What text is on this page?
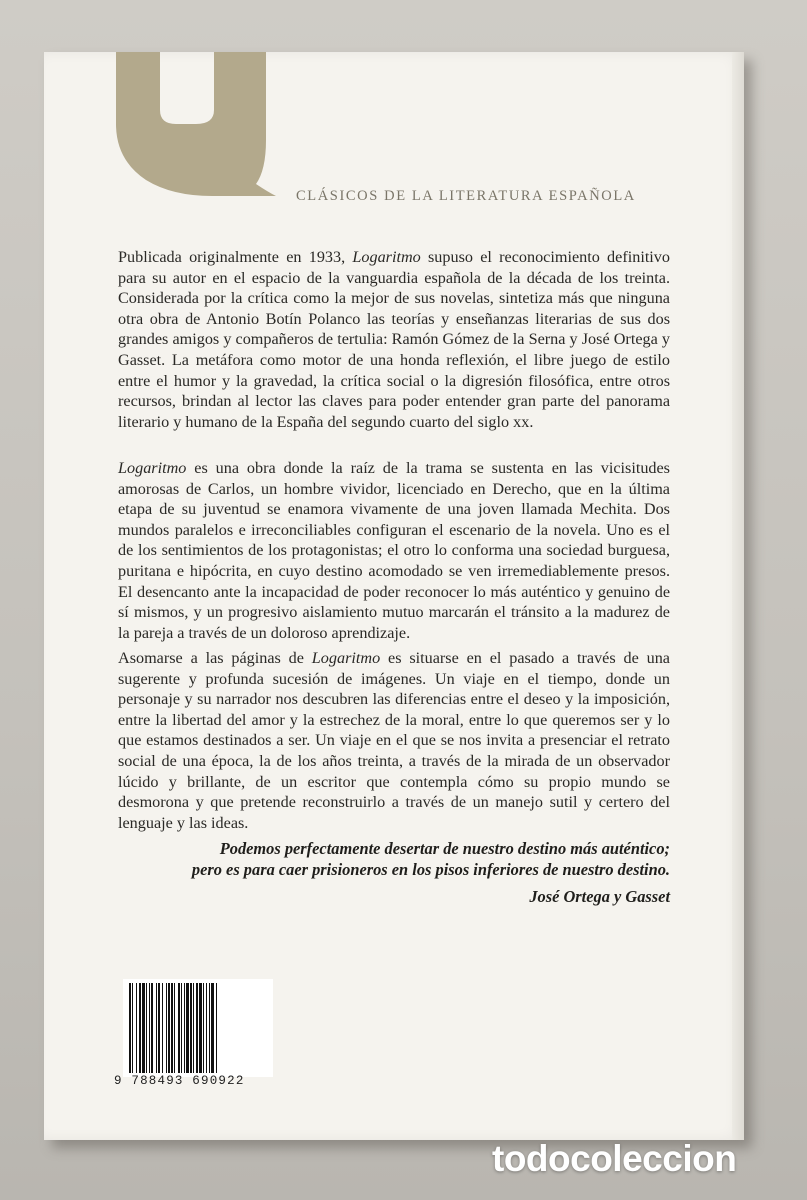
CLÁSICOS DE LA LITERATURA ESPAÑOLA

Publicada originalmente en 1933, Logaritmo supuso el reconocimiento definitivo para su autor en el espacio de la vanguardia española de la década de los treinta. Considerada por la crítica como la mejor de sus novelas, sintetiza más que ninguna otra obra de Antonio Botín Polanco las teorías y enseñanzas literarias de sus dos grandes amigos y compañeros de tertulia: Ramón Gómez de la Serna y José Ortega y Gasset. La metáfora como motor de una honda reflexión, el libre juego de estilo entre el humor y la gravedad, la crítica social o la digresión filosófica, entre otros recursos, brindan al lector las claves para poder entender gran parte del panorama literario y humano de la España del segundo cuarto del siglo xx.

Logaritmo es una obra donde la raíz de la trama se sustenta en las vicisitudes amorosas de Carlos, un hombre vividor, licenciado en Derecho, que en la última etapa de su juventud se enamora vivamente de una joven llamada Mechita. Dos mundos paralelos e irreconciliables configuran el escenario de la novela. Uno es el de los sentimientos de los protagonistas; el otro lo conforma una sociedad burguesa, puritana e hipócrita, en cuyo destino acomodado se ven irremediablemente presos. El desencanto ante la incapacidad de poder reconocer lo más auténtico y genuino de sí mismos, y un progresivo aislamiento mutuo marcarán el tránsito a la madurez de la pareja a través de un doloroso aprendizaje.

Asomarse a las páginas de Logaritmo es situarse en el pasado a través de una sugerente y profunda sucesión de imágenes. Un viaje en el tiempo, donde un personaje y su narrador nos descubren las diferencias entre el deseo y la imposición, entre la libertad del amor y la estrechez de la moral, entre lo que queremos ser y lo que estamos destinados a ser. Un viaje en el que se nos invita a presenciar el retrato social de una época, la de los años treinta, a través de la mirada de un observador lúcido y brillante, de un escritor que contempla cómo su propio mundo se desmorona y que pretende reconstruirlo a través de un manejo sutil y certero del lenguaje y las ideas.

Podemos perfectamente desertar de nuestro destino más auténtico;
pero es para caer prisioneros en los pisos inferiores de nuestro destino.
José Ortega y Gasset
9 788493 690922
todocoleccion
